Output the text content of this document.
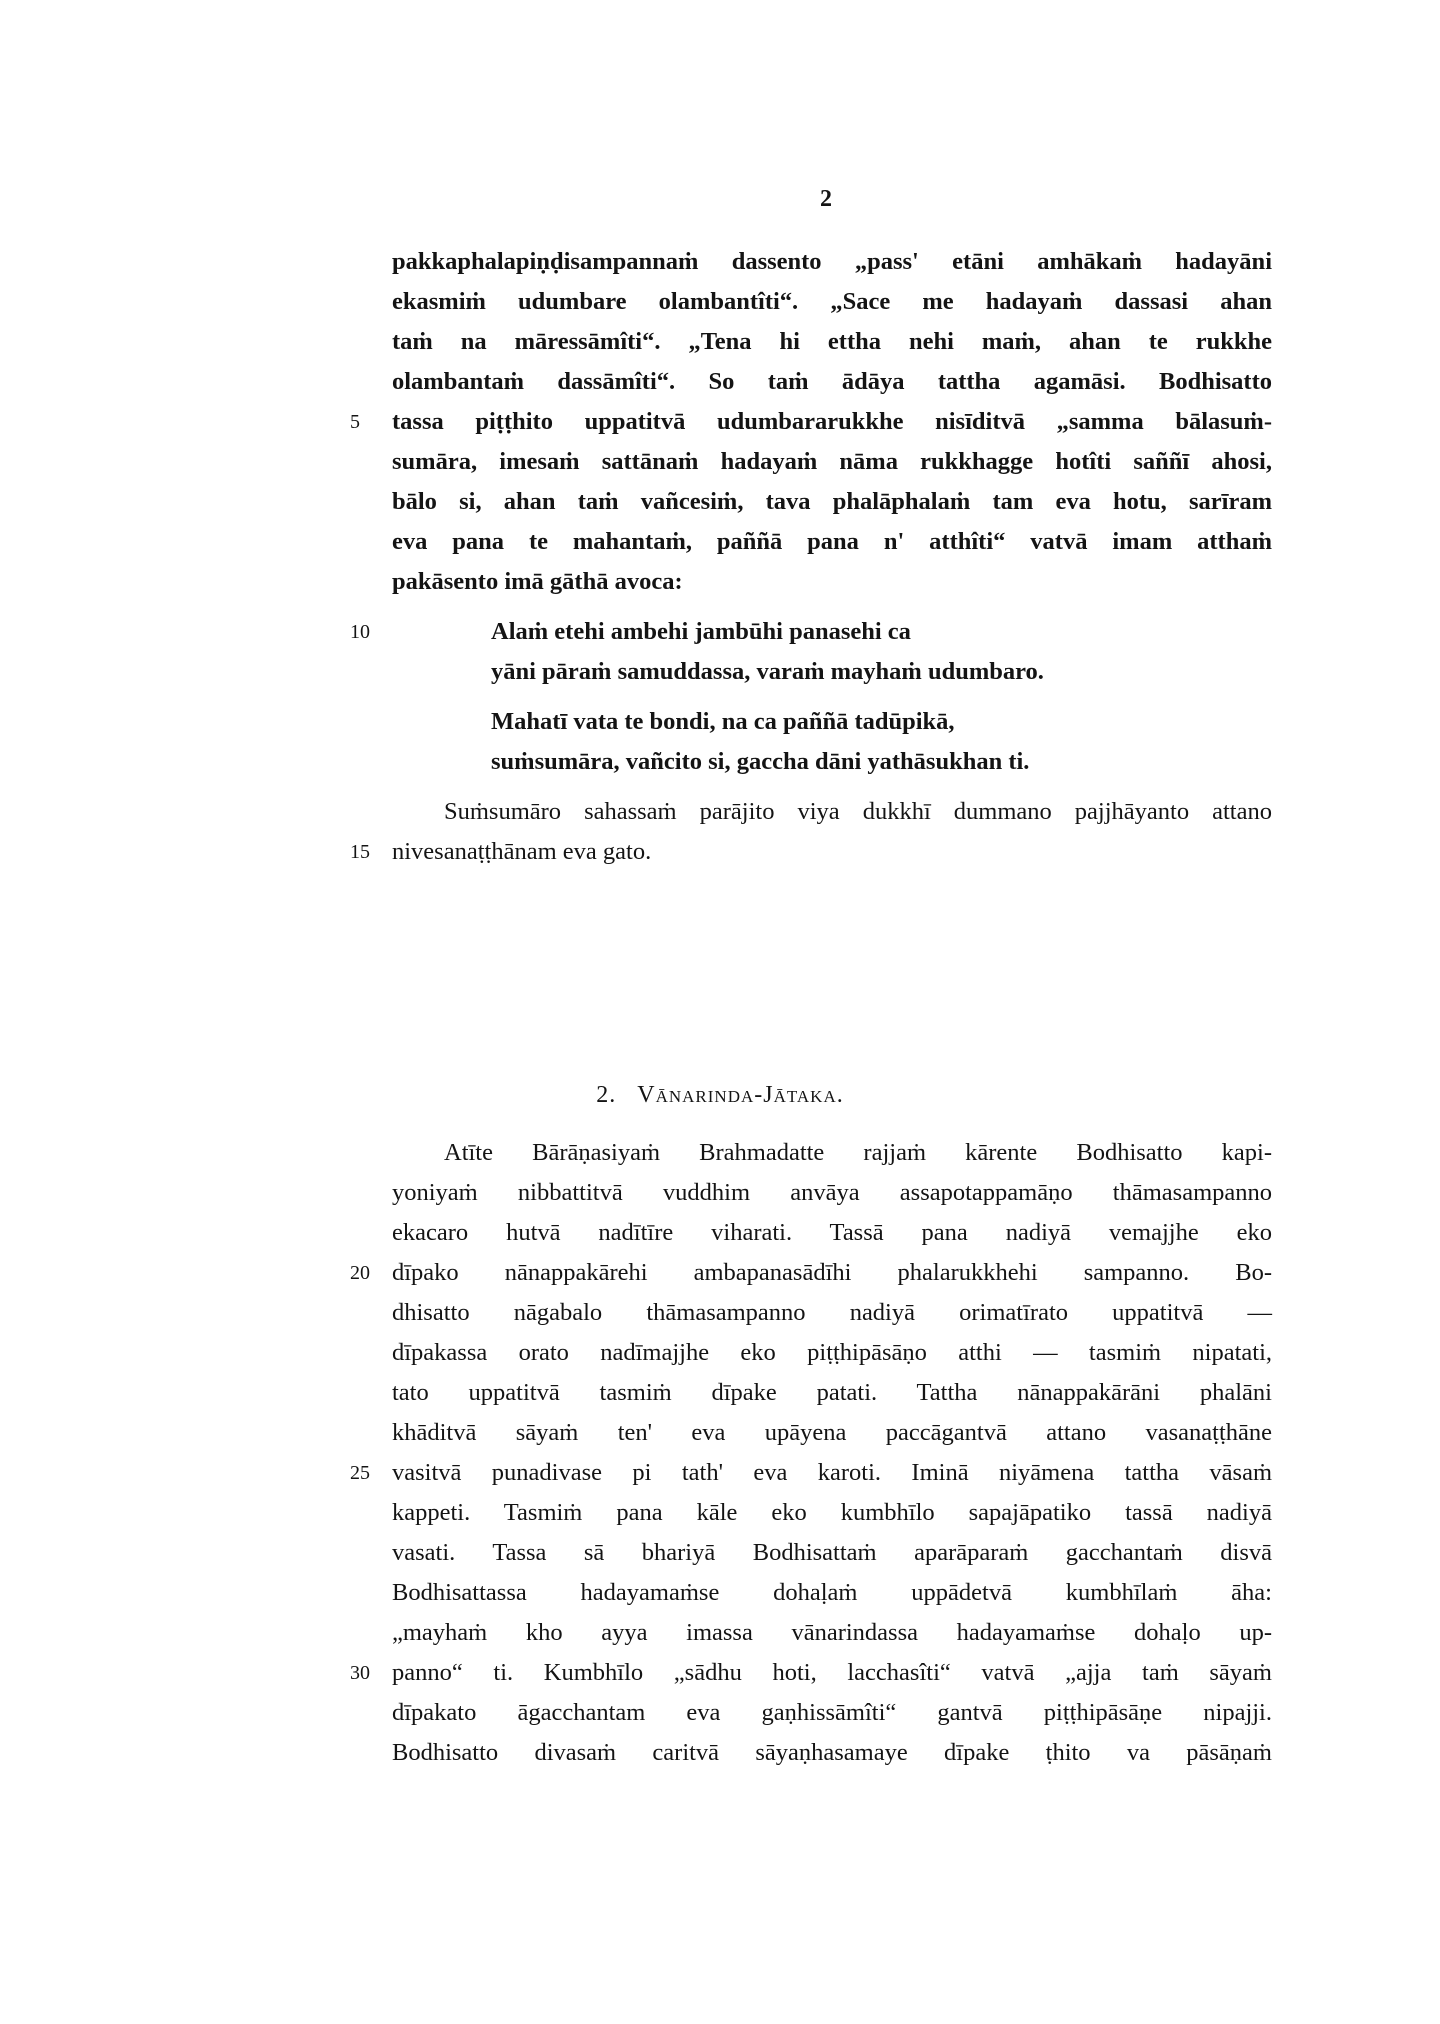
2
pakkaphalapiṇḍisampannaṁ dassento „pass' etāni amhākaṁ hadayāni
ekasmiṁ udumbare olambantîti“. „Sace me hadayaṁ dassasi ahan
taṁ na māressāmîti“. „Tena hi ettha nehi maṁ, ahan te rukkhe
olambantaṁ dassāmîti“. So taṁ ādāya tattha agamāsi. Bodhisatto
5 tassa piṭṭhito uppatitvā udumbararukkhe nisīditvā „samma bālasuṁ-
sumāra, imesaṁ sattānaṁ hadayaṁ nāma rukkhagge hotîti saññī ahosi,
bālo si, ahan taṁ vañcesiṁ, tava phalāphalaṁ tam eva hotu, sarīram
eva pana te mahantaṁ, paññā pana n' atthîti“ vatvā imam atthaṁ
pakāsento imā gāthā avoca:
10	Alaṁ etehi ambehi jambūhi panasehi ca
yāni pāraṁ samuddassa, varaṁ mayhaṁ udumbaro.
Mahatī vata te bondi, na ca paññā tadūpikā,
suṁsumāra, vañcito si, gaccha dāni yathāsukhan ti.
Suṁsumāro sahassaṁ parājito viya dukkhī dummano pajjhāyanto attano
15 nivesanaṭṭhānam eva gato.
2. VĀNARINDA-JĀTAKA.
Atīte Bārāṇasiyaṁ Brahmadatte rajjaṁ kārente Bodhisatto kapi-
yoniyaṁ nibbattitvā vuddhim anvāya assapotappamāṇo thāmasampanno
ekacaro hutvā nadītīre viharati. Tassā pana nadiyā vemajjhe eko
20 dīpako nānappakārehi ambapanasādīhi phalarukkhehi sampanno. Bo-
dhisatto nāgabalo thāmasampanno nadiyā orimatīrato uppatitvā —
dīpakassa orato nadīmajjhe eko piṭṭhipāsāṇo atthi — tasmiṁ nipatati,
tato uppatitvā tasmiṁ dīpake patati. Tattha nānappakārāni phalāni
khāditvā sāyaṁ ten' eva upāyena paccāgantvā attano vasanaṭṭhāne
25 vasitvā punadivase pi tath' eva karoti. Iminā niyāmena tattha vāsaṁ
kappeti. Tasmiṁ pana kāle eko kumbhīlo sapajāpatiko tassā nadiyā
vasati. Tassa sā bhariyā Bodhisattaṁ aparāparaṁ gacchantaṁ disvā
Bodhisattassa hadayamaṁse dohaḷaṁ uppādetvā kumbhīlaṁ āha:
„mayhaṁ kho ayya imassa vānarindassa hadayamaṁse dohaḷo up-
30 panno“ ti. Kumbhīlo „sādhu hoti, lacchasîti“ vatvā „ajja taṁ sāyaṁ
dīpakato āgacchantam eva gaṇhissāmîti“ gantvā piṭṭhipāsāṇe nipajji.
Bodhisatto divasaṁ caritvā sāyaṇhasamaye dīpake ṭhito va pāsāṇaṁ
